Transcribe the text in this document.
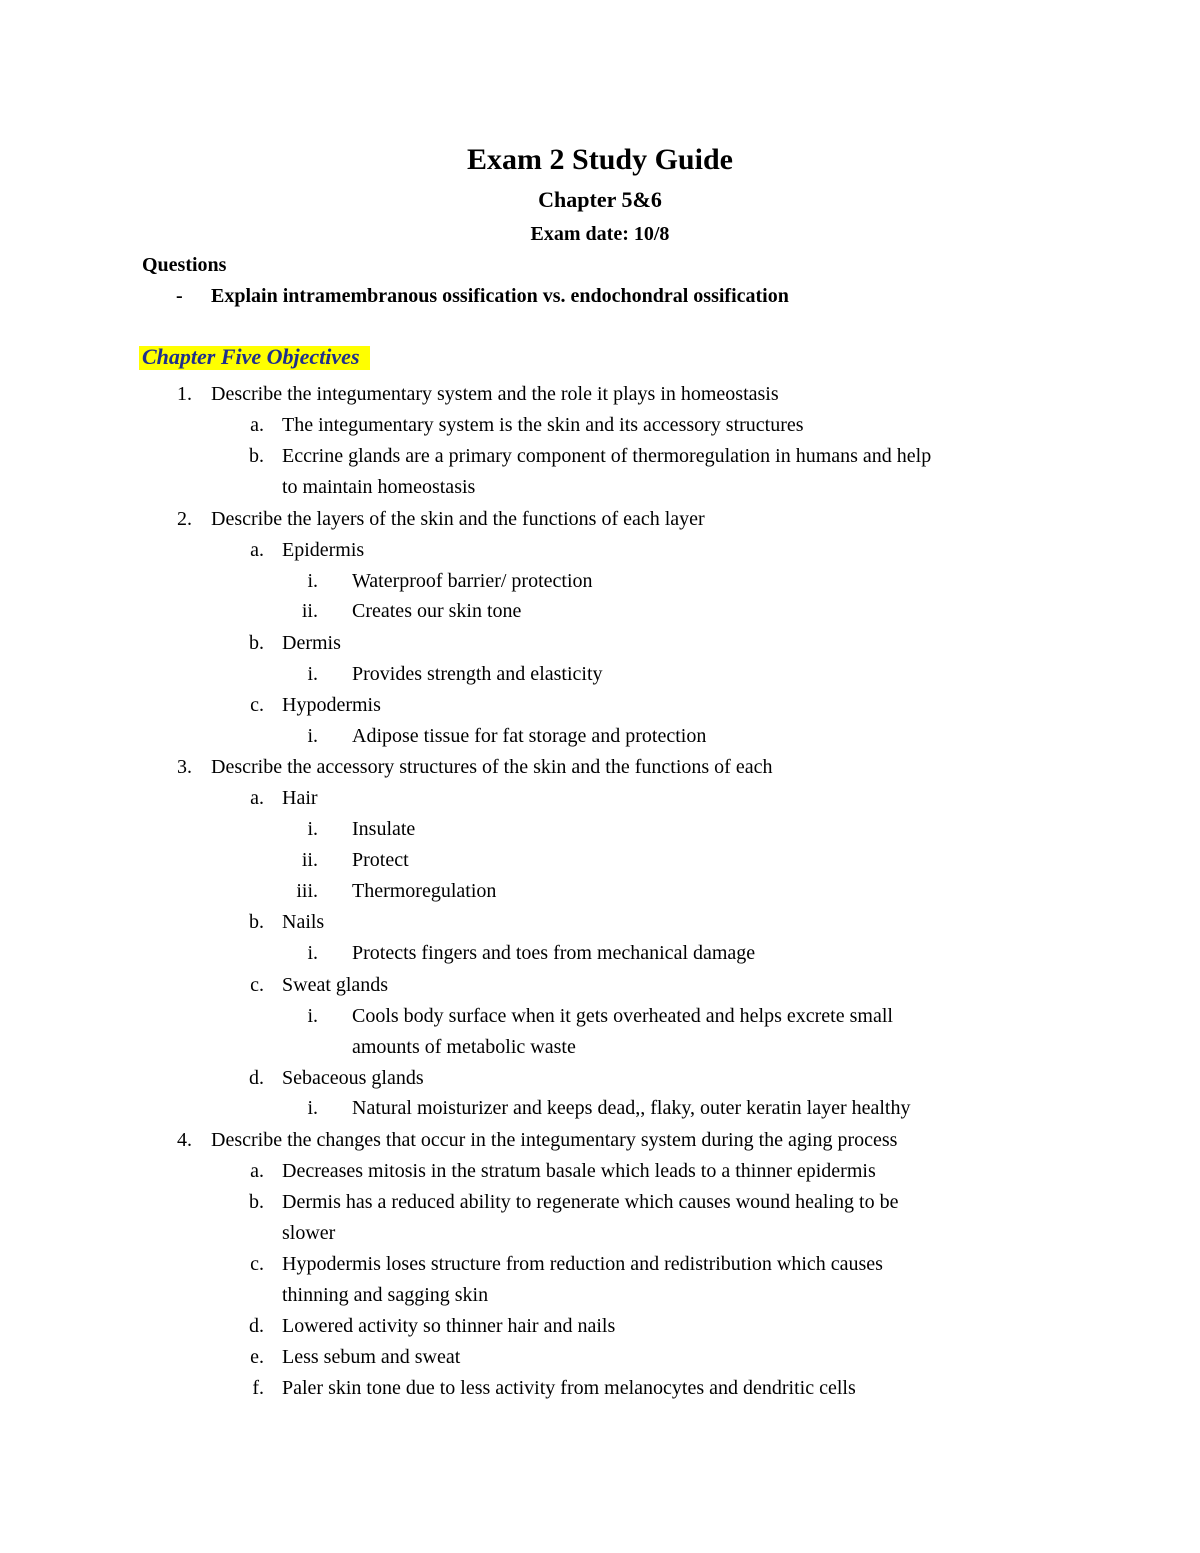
Exam 2 Study Guide
Chapter 5&6
Exam date: 10/8
Questions
- Explain intramembranous ossification vs. endochondral ossification
Chapter Five Objectives
1. Describe the integumentary system and the role it plays in homeostasis
a. The integumentary system is the skin and its accessory structures
b. Eccrine glands are a primary component of thermoregulation in humans and help
to maintain homeostasis
2. Describe the layers of the skin and the functions of each layer
a. Epidermis
i. Waterproof barrier/ protection
ii. Creates our skin tone
b. Dermis
i. Provides strength and elasticity
c. Hypodermis
i. Adipose tissue for fat storage and protection
3. Describe the accessory structures of the skin and the functions of each
a. Hair
i. Insulate
ii. Protect
iii. Thermoregulation
b. Nails
i. Protects fingers and toes from mechanical damage
c. Sweat glands
i. Cools body surface when it gets overheated and helps excrete small
amounts of metabolic waste
d. Sebaceous glands
i. Natural moisturizer and keeps dead,, flaky, outer keratin layer healthy
4. Describe the changes that occur in the integumentary system during the aging process
a. Decreases mitosis in the stratum basale which leads to a thinner epidermis
b. Dermis has a reduced ability to regenerate which causes wound healing to be
slower
c. Hypodermis loses structure from reduction and redistribution which causes
thinning and sagging skin
d. Lowered activity so thinner hair and nails
e. Less sebum and sweat
f. Paler skin tone due to less activity from melanocytes and dendritic cells
